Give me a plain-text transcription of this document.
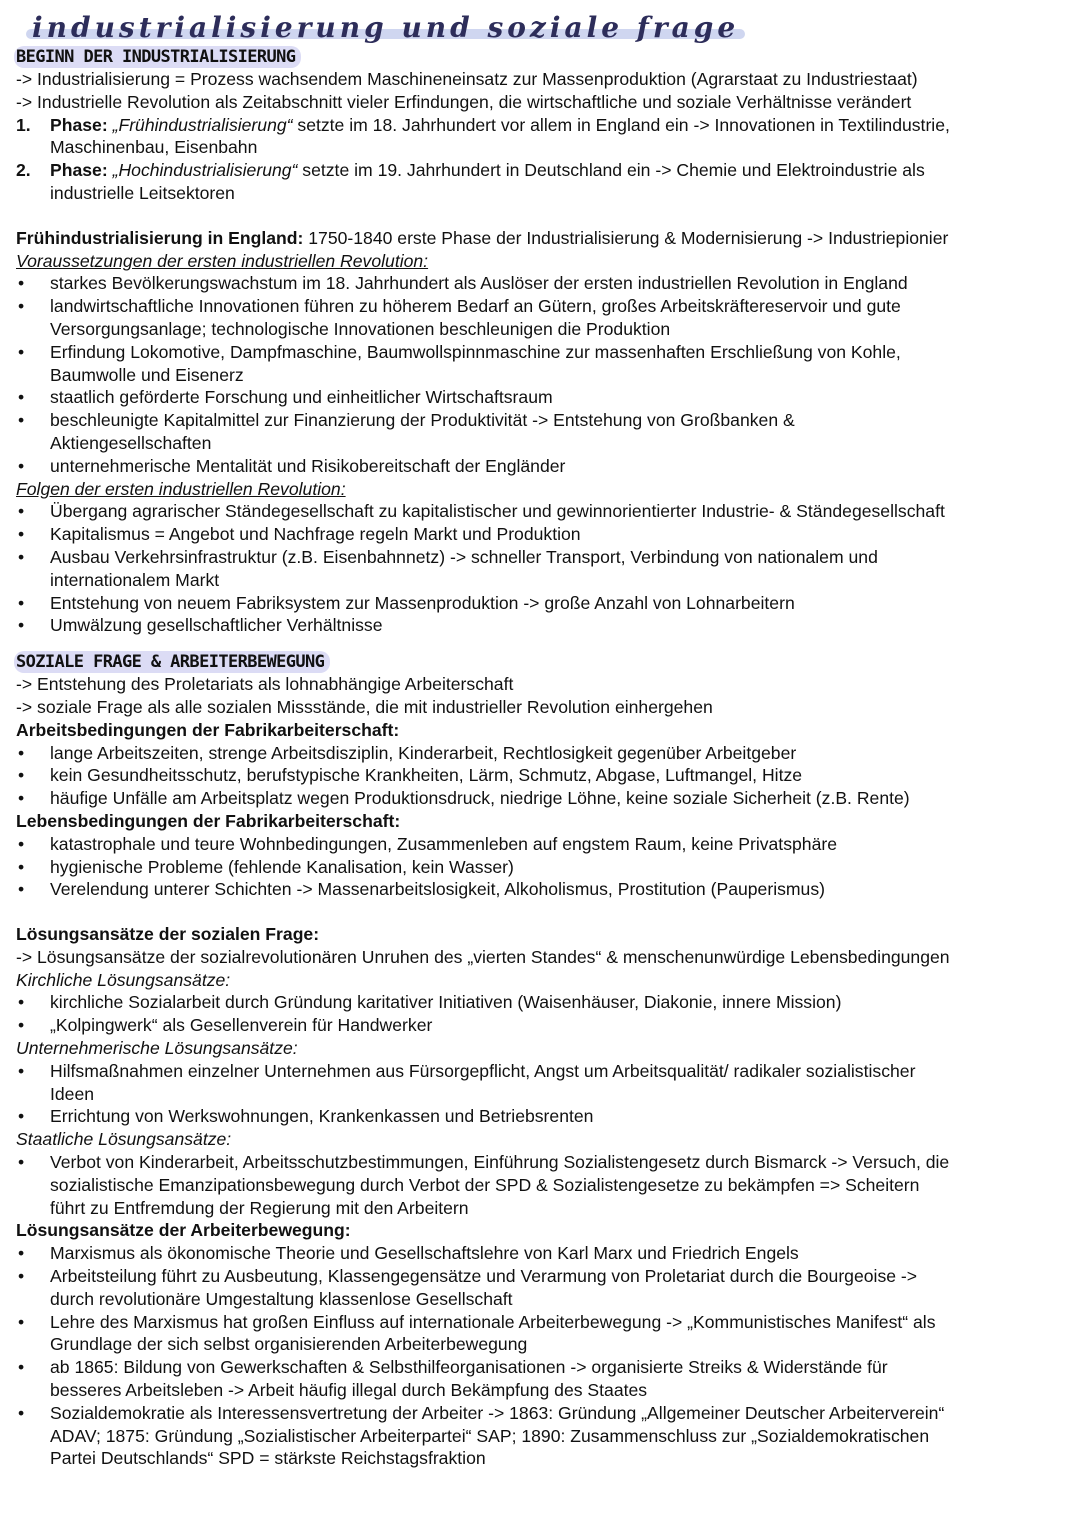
industrialisierung und soziale frage
BEGINN DER INDUSTRIALISIERUNG
-> Industrialisierung = Prozess wachsendem Maschineneinsatz zur Massenproduktion (Agrarstaat zu Industriestaat)
-> Industrielle Revolution als Zeitabschnitt vieler Erfindungen, die wirtschaftliche und soziale Verhältnisse verändert
1. Phase: „Frühindustrialisierung“ setzte im 18. Jahrhundert vor allem in England ein -> Innovationen in Textilindustrie,
Maschinenbau, Eisenbahn
2. Phase: „Hochindustrialisierung“ setzte im 19. Jahrhundert in Deutschland ein -> Chemie und Elektroindustrie als
industrielle Leitsektoren
Frühindustrialisierung in England: 1750-1840 erste Phase der Industrialisierung & Modernisierung -> Industriepionier
Voraussetzungen der ersten industriellen Revolution:
• starkes Bevölkerungswachstum im 18. Jahrhundert als Auslöser der ersten industriellen Revolution in England
• landwirtschaftliche Innovationen führen zu höherem Bedarf an Gütern, großes Arbeitskräftereservoir und gute
Versorgungsanlage; technologische Innovationen beschleunigen die Produktion
• Erfindung Lokomotive, Dampfmaschine, Baumwollspinnmaschine zur massenhaften Erschließung von Kohle,
Baumwolle und Eisenerz
• staatlich geförderte Forschung und einheitlicher Wirtschaftsraum
• beschleunigte Kapitalmittel zur Finanzierung der Produktivität -> Entstehung von Großbanken &
Aktiengesellschaften
• unternehmerische Mentalität und Risikobereitschaft der Engländer
Folgen der ersten industriellen Revolution:
• Übergang agrarischer Ständegesellschaft zu kapitalistischer und gewinnorientierter Industrie- & Ständegesellschaft
• Kapitalismus = Angebot und Nachfrage regeln Markt und Produktion
• Ausbau Verkehrsinfrastruktur (z.B. Eisenbahnnetz) -> schneller Transport, Verbindung von nationalem und
internationalem Markt
• Entstehung von neuem Fabriksystem zur Massenproduktion -> große Anzahl von Lohnarbeitern
• Umwälzung gesellschaftlicher Verhältnisse
SOZIALE FRAGE & ARBEITERBEWEGUNG
-> Entstehung des Proletariats als lohnabhängige Arbeiterschaft
-> soziale Frage als alle sozialen Missstände, die mit industrieller Revolution einhergehen
Arbeitsbedingungen der Fabrikarbeiterschaft:
• lange Arbeitszeiten, strenge Arbeitsdisziplin, Kinderarbeit, Rechtlosigkeit gegenüber Arbeitgeber
• kein Gesundheitsschutz, berufstypische Krankheiten, Lärm, Schmutz, Abgase, Luftmangel, Hitze
• häufige Unfälle am Arbeitsplatz wegen Produktionsdruck, niedrige Löhne, keine soziale Sicherheit (z.B. Rente)
Lebensbedingungen der Fabrikarbeiterschaft:
• katastrophale und teure Wohnbedingungen, Zusammenleben auf engstem Raum, keine Privatsphäre
• hygienische Probleme (fehlende Kanalisation, kein Wasser)
• Verelendung unterer Schichten -> Massenarbeitslosigkeit, Alkoholismus, Prostitution (Pauperismus)
Lösungsansätze der sozialen Frage:
-> Lösungsansätze der sozialrevolutionären Unruhen des „vierten Standes“ & menschenunwürdige Lebensbedingungen
Kirchliche Lösungsansätze:
• kirchliche Sozialarbeit durch Gründung karitativer Initiativen (Waisenhäuser, Diakonie, innere Mission)
• „Kolpingwerk“ als Gesellenverein für Handwerker
Unternehmerische Lösungsansätze:
• Hilfsmaßnahmen einzelner Unternehmen aus Fürsorgepflicht, Angst um Arbeitsqualität/ radikaler sozialistischer
Ideen
• Errichtung von Werkswohnungen, Krankenkassen und Betriebsrenten
Staatliche Lösungsansätze:
• Verbot von Kinderarbeit, Arbeitsschutzbestimmungen, Einführung Sozialistengesetz durch Bismarck -> Versuch, die
sozialistische Emanzipationsbewegung durch Verbot der SPD & Sozialistengesetze zu bekämpfen => Scheitern
führt zu Entfremdung der Regierung mit den Arbeitern
Lösungsansätze der Arbeiterbewegung:
• Marxismus als ökonomische Theorie und Gesellschaftslehre von Karl Marx und Friedrich Engels
• Arbeitsteilung führt zu Ausbeutung, Klassengegensätze und Verarmung von Proletariat durch die Bourgeoise ->
durch revolutionäre Umgestaltung klassenlose Gesellschaft
• Lehre des Marxismus hat großen Einfluss auf internationale Arbeiterbewegung -> „Kommunistisches Manifest“ als
Grundlage der sich selbst organisierenden Arbeiterbewegung
• ab 1865: Bildung von Gewerkschaften & Selbsthilfeorganisationen -> organisierte Streiks & Widerstände für
besseres Arbeitsleben -> Arbeit häufig illegal durch Bekämpfung des Staates
• Sozialdemokratie als Interessensvertretung der Arbeiter -> 1863: Gründung „Allgemeiner Deutscher Arbeiterverein“
ADAV; 1875: Gründung „Sozialistischer Arbeiterpartei“ SAP; 1890: Zusammenschluss zur „Sozialdemokratischen
Partei Deutschlands“ SPD = stärkste Reichstagsfraktion
